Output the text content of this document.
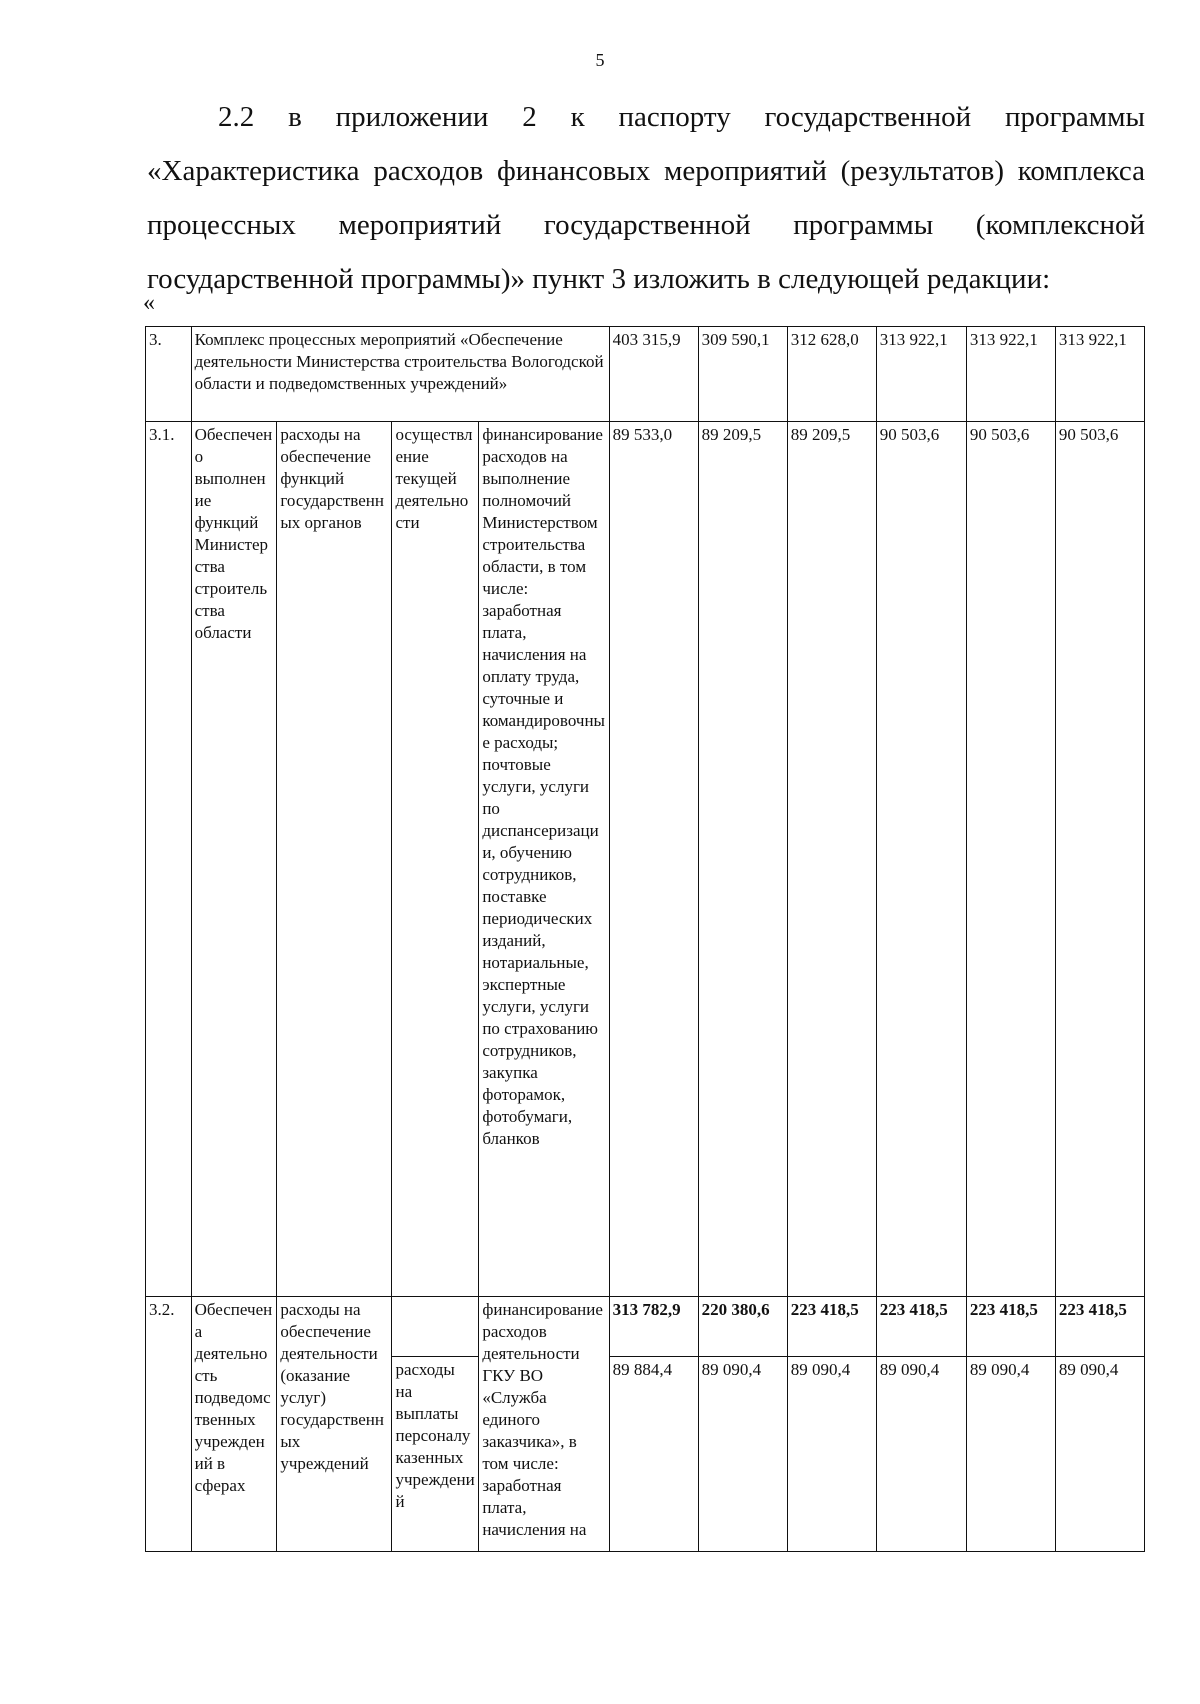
5

2.2 в приложении 2 к паспорту государственной программы «Характеристика расходов финансовых мероприятий (результатов) комплекса процессных мероприятий государственной программы (комплексной государственной программы)» пункт 3 изложить в следующей редакции:

«
3.	Комплекс процессных мероприятий «Обеспечение деятельности Министерства строительства Вологодской области и подведомственных учреждений»				403 315,9	309 590,1	312 628,0	313 922,1	313 922,1	313 922,1
3.1.	Обеспечено выполнение функций Министерства строительства области	расходы на обеспечение функций государственных органов	осуществление текущей деятельности	финансирование расходов на выполнение полномочий Министерством строительства области, в том числе: заработная плата, начисления на оплату труда, суточные и командировочные расходы; почтовые услуги, услуги по диспансеризации, обучению сотрудников, поставке периодических изданий, нотариальные, экспертные услуги, услуги по страхованию сотрудников, закупка фоторамок, фотобумаги, бланков	89 533,0	89 209,5	89 209,5	90 503,6	90 503,6	90 503,6
3.2.	Обеспечена деятельность подведомственных учреждений в сферах	расходы на обеспечение деятельности (оказание услуг) государственных учреждений		финансирование расходов деятельности ГКУ ВО «Служба единого заказчика», в том числе: заработная плата, начисления на	313 782,9	220 380,6	223 418,5	223 418,5	223 418,5	223 418,5
			расходы на выплаты персоналу казенных учреждений		89 884,4	89 090,4	89 090,4	89 090,4	89 090,4	89 090,4
